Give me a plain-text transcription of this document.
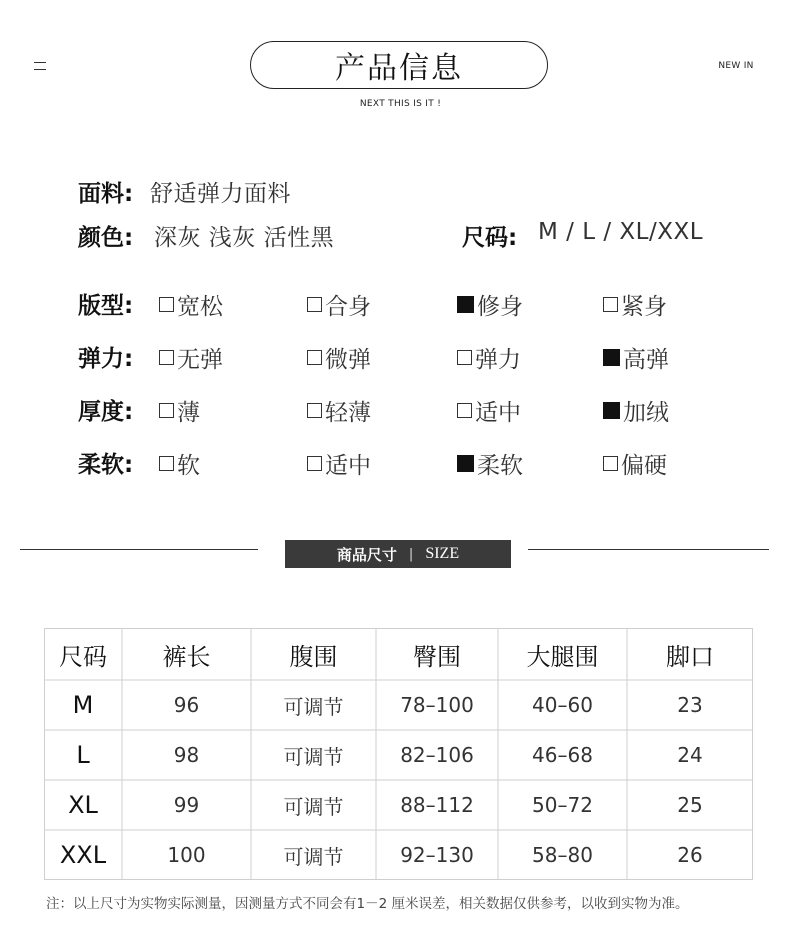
产品信息
NEXT THIS IS IT !
NEW IN
面料: 舒适弹力面料
颜色: 深灰 浅灰 活性黑	尺码: M / L / XL/XXL
版型: 宽松	合身	修身	紧身
弹力: 无弹	微弹	弹力	高弹
厚度: 薄	轻薄	适中	加绒
柔软: 软	适中	柔软	偏硬
商品尺寸 | SIZE
尺码	裤长	腹围	臀围	大腿围	脚口
M	96	可调节	78–100	40–60	23
L	98	可调节	82–106	46–68	24
XL	99	可调节	88–112	50–72	25
XXL	100	可调节	92–130	58–80	26
注：以上尺寸为实物实际测量，因测量方式不同会有1－2 厘米误差，相关数据仅供参考，以收到实物为准。
